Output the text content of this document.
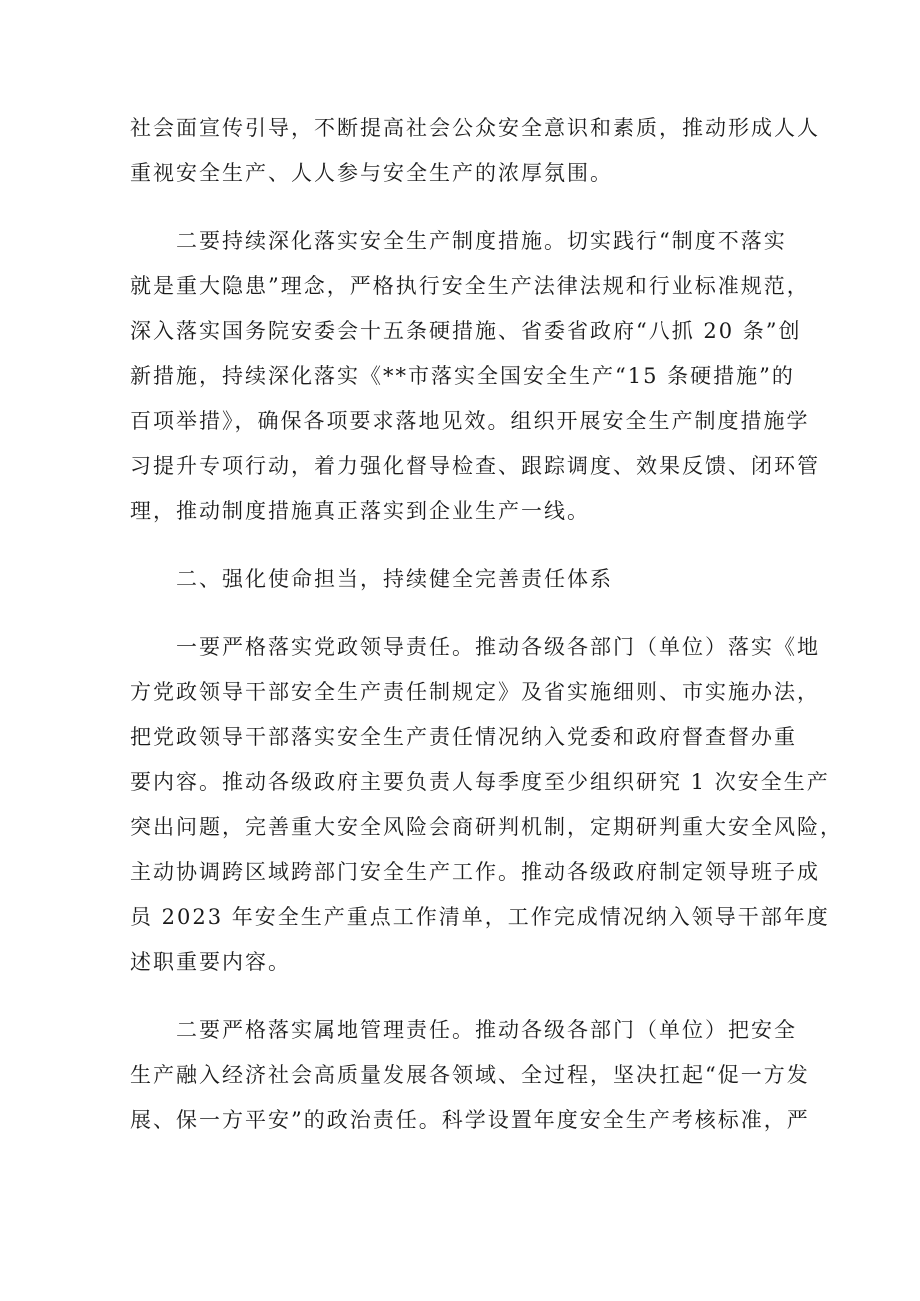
社会面宣传引导，不断提高社会公众安全意识和素质，推动形成人人
重视安全生产、人人参与安全生产的浓厚氛围。
　　二要持续深化落实安全生产制度措施。切实践行“制度不落实
就是重大隐患”理念，严格执行安全生产法律法规和行业标准规范，
深入落实国务院安委会十五条硬措施、省委省政府“八抓 20 条”创
新措施，持续深化落实《**市落实全国安全生产“15 条硬措施”的
百项举措》，确保各项要求落地见效。组织开展安全生产制度措施学
习提升专项行动，着力强化督导检查、跟踪调度、效果反馈、闭环管
理，推动制度措施真正落实到企业生产一线。
　　二、强化使命担当，持续健全完善责任体系
　　一要严格落实党政领导责任。推动各级各部门（单位）落实《地
方党政领导干部安全生产责任制规定》及省实施细则、市实施办法，
把党政领导干部落实安全生产责任情况纳入党委和政府督查督办重
要内容。推动各级政府主要负责人每季度至少组织研究 1 次安全生产
突出问题，完善重大安全风险会商研判机制，定期研判重大安全风险，
主动协调跨区域跨部门安全生产工作。推动各级政府制定领导班子成
员 2023 年安全生产重点工作清单，工作完成情况纳入领导干部年度
述职重要内容。
　　二要严格落实属地管理责任。推动各级各部门（单位）把安全
生产融入经济社会高质量发展各领域、全过程，坚决扛起“促一方发
展、保一方平安”的政治责任。科学设置年度安全生产考核标准，严
